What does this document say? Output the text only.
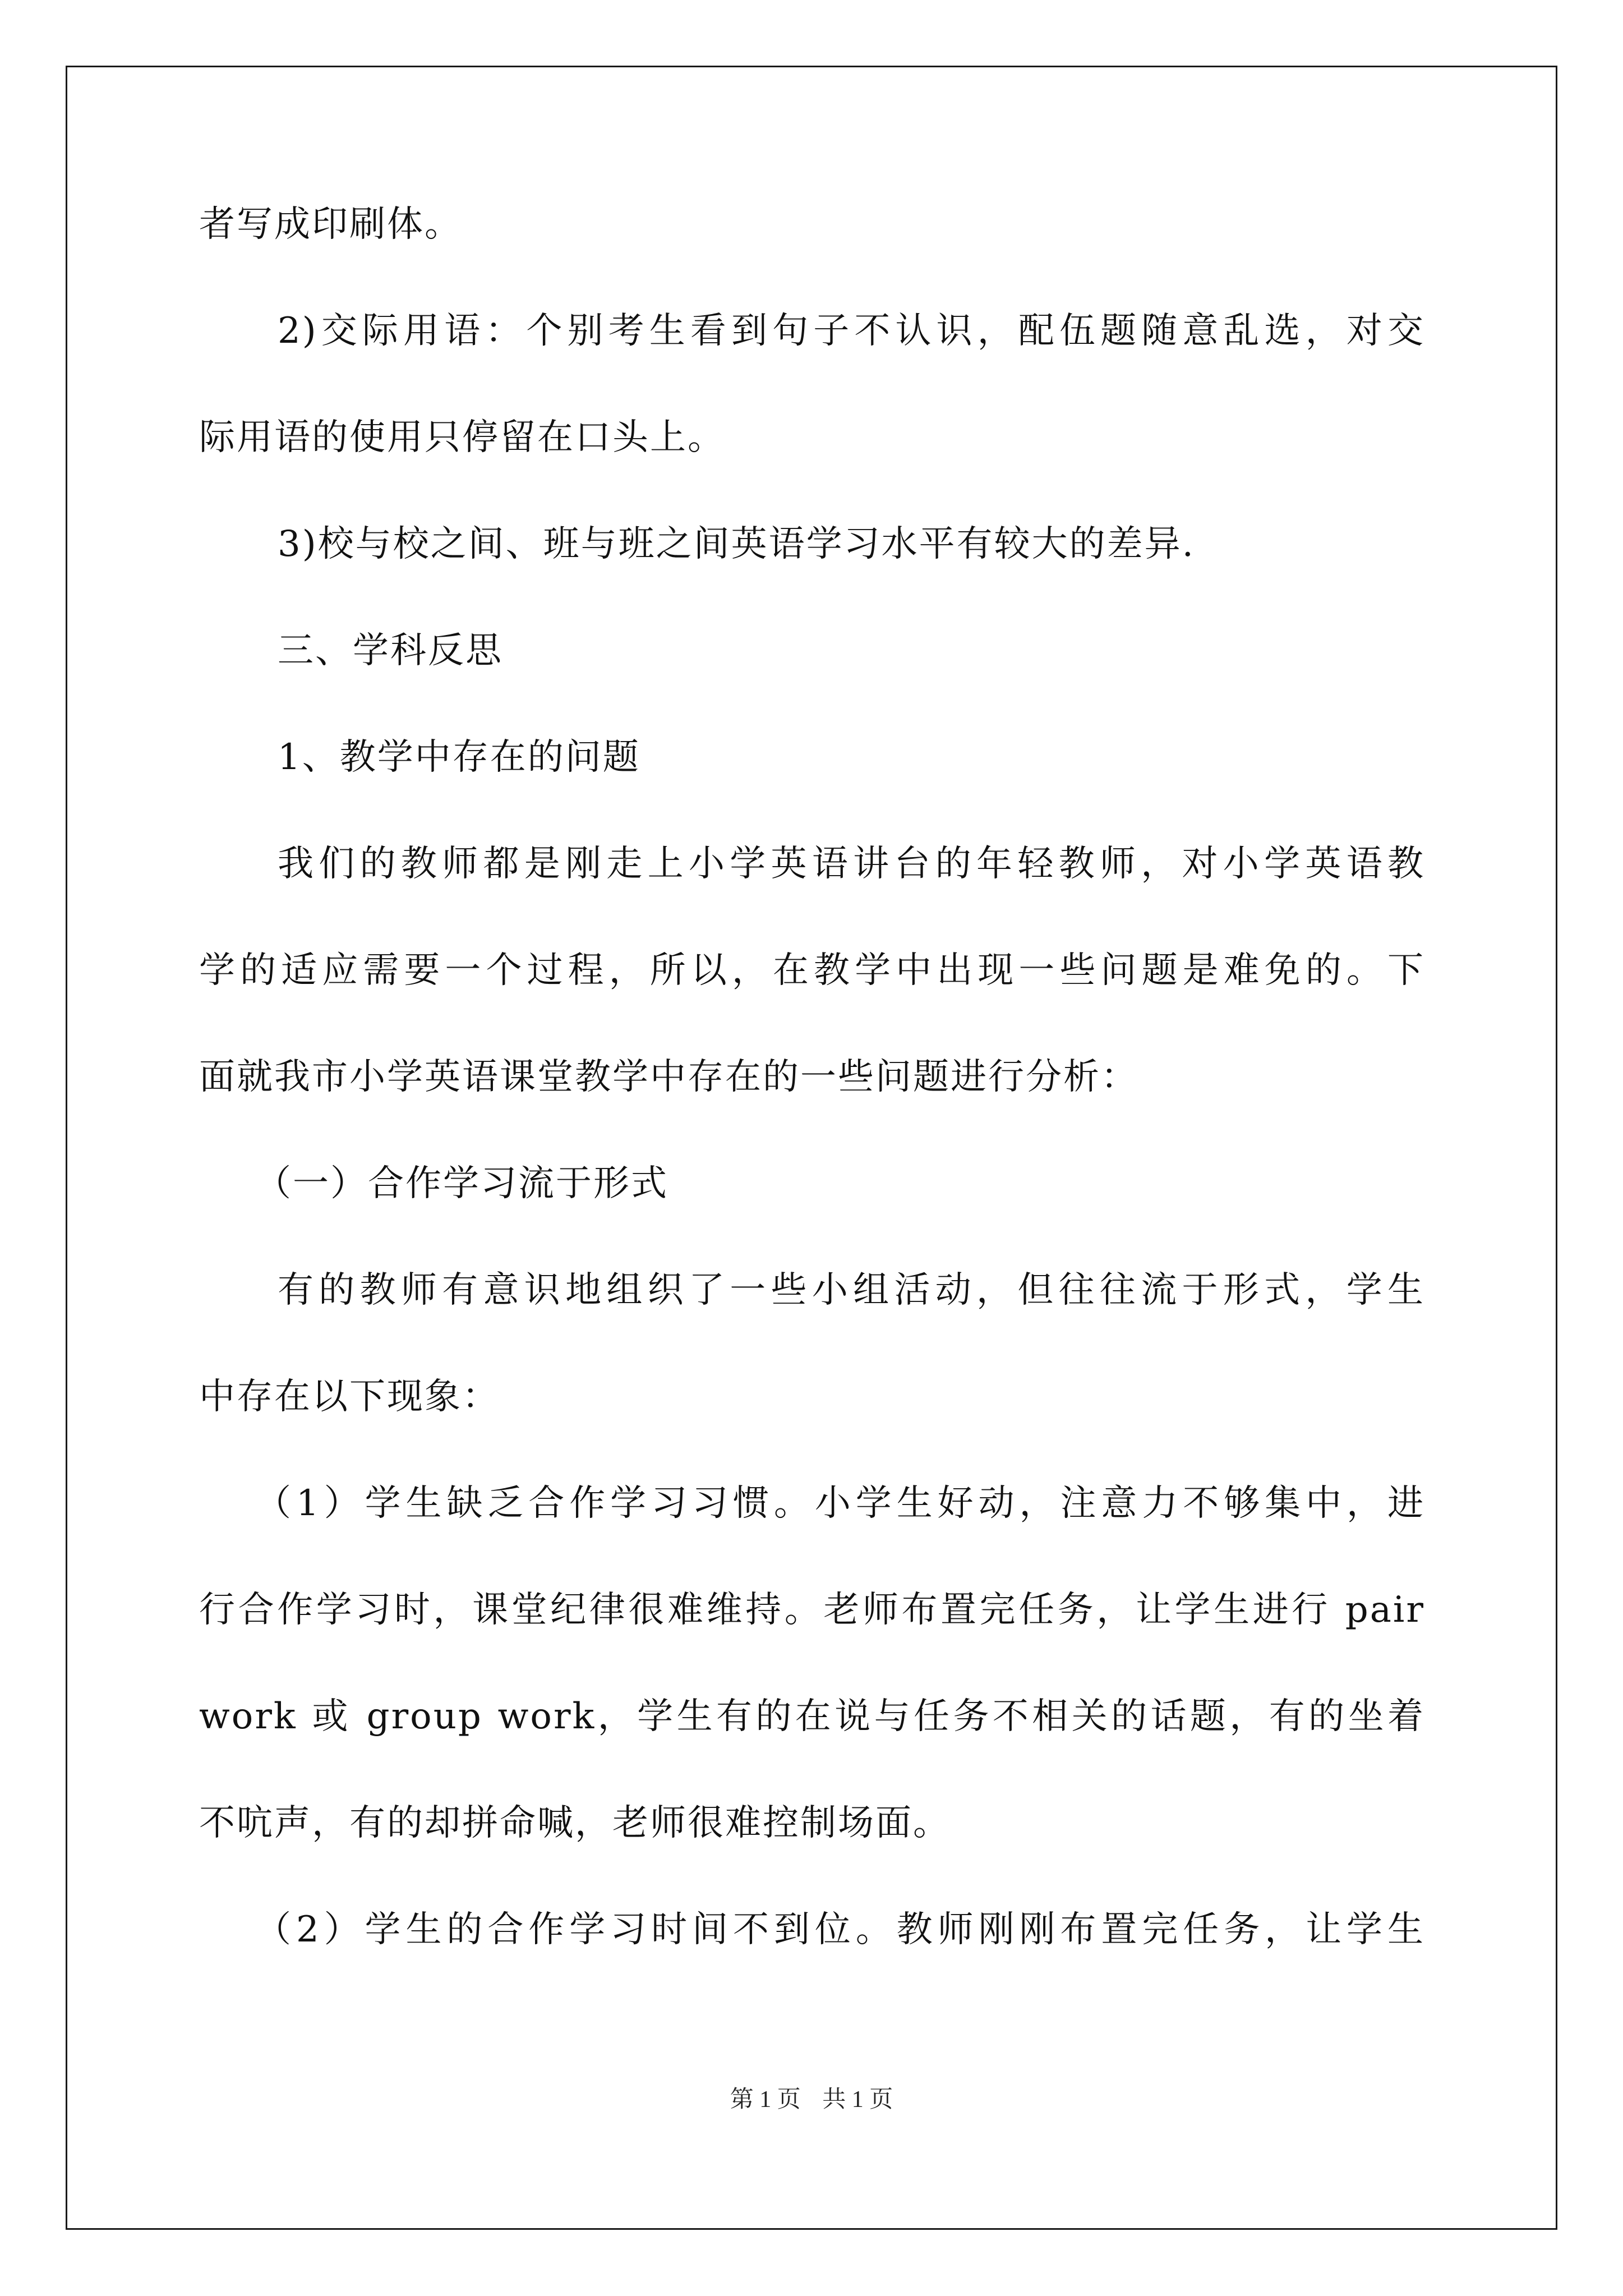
者写成印刷体。
2)交际用语：个别考生看到句子不认识，配伍题随意乱选，对交
际用语的使用只停留在口头上。
3)校与校之间、班与班之间英语学习水平有较大的差异.
三、学科反思
1、教学中存在的问题
我们的教师都是刚走上小学英语讲台的年轻教师，对小学英语教
学的适应需要一个过程，所以，在教学中出现一些问题是难免的。下
面就我市小学英语课堂教学中存在的一些问题进行分析：
（一）合作学习流于形式
有的教师有意识地组织了一些小组活动，但往往流于形式，学生
中存在以下现象：
（1）学生缺乏合作学习习惯。小学生好动，注意力不够集中，进
行合作学习时，课堂纪律很难维持。老师布置完任务，让学生进行 pair
work 或 group work，学生有的在说与任务不相关的话题，有的坐着
不吭声，有的却拼命喊，老师很难控制场面。
（2）学生的合作学习时间不到位。教师刚刚布置完任务，让学生
第 1 页 共 1 页
